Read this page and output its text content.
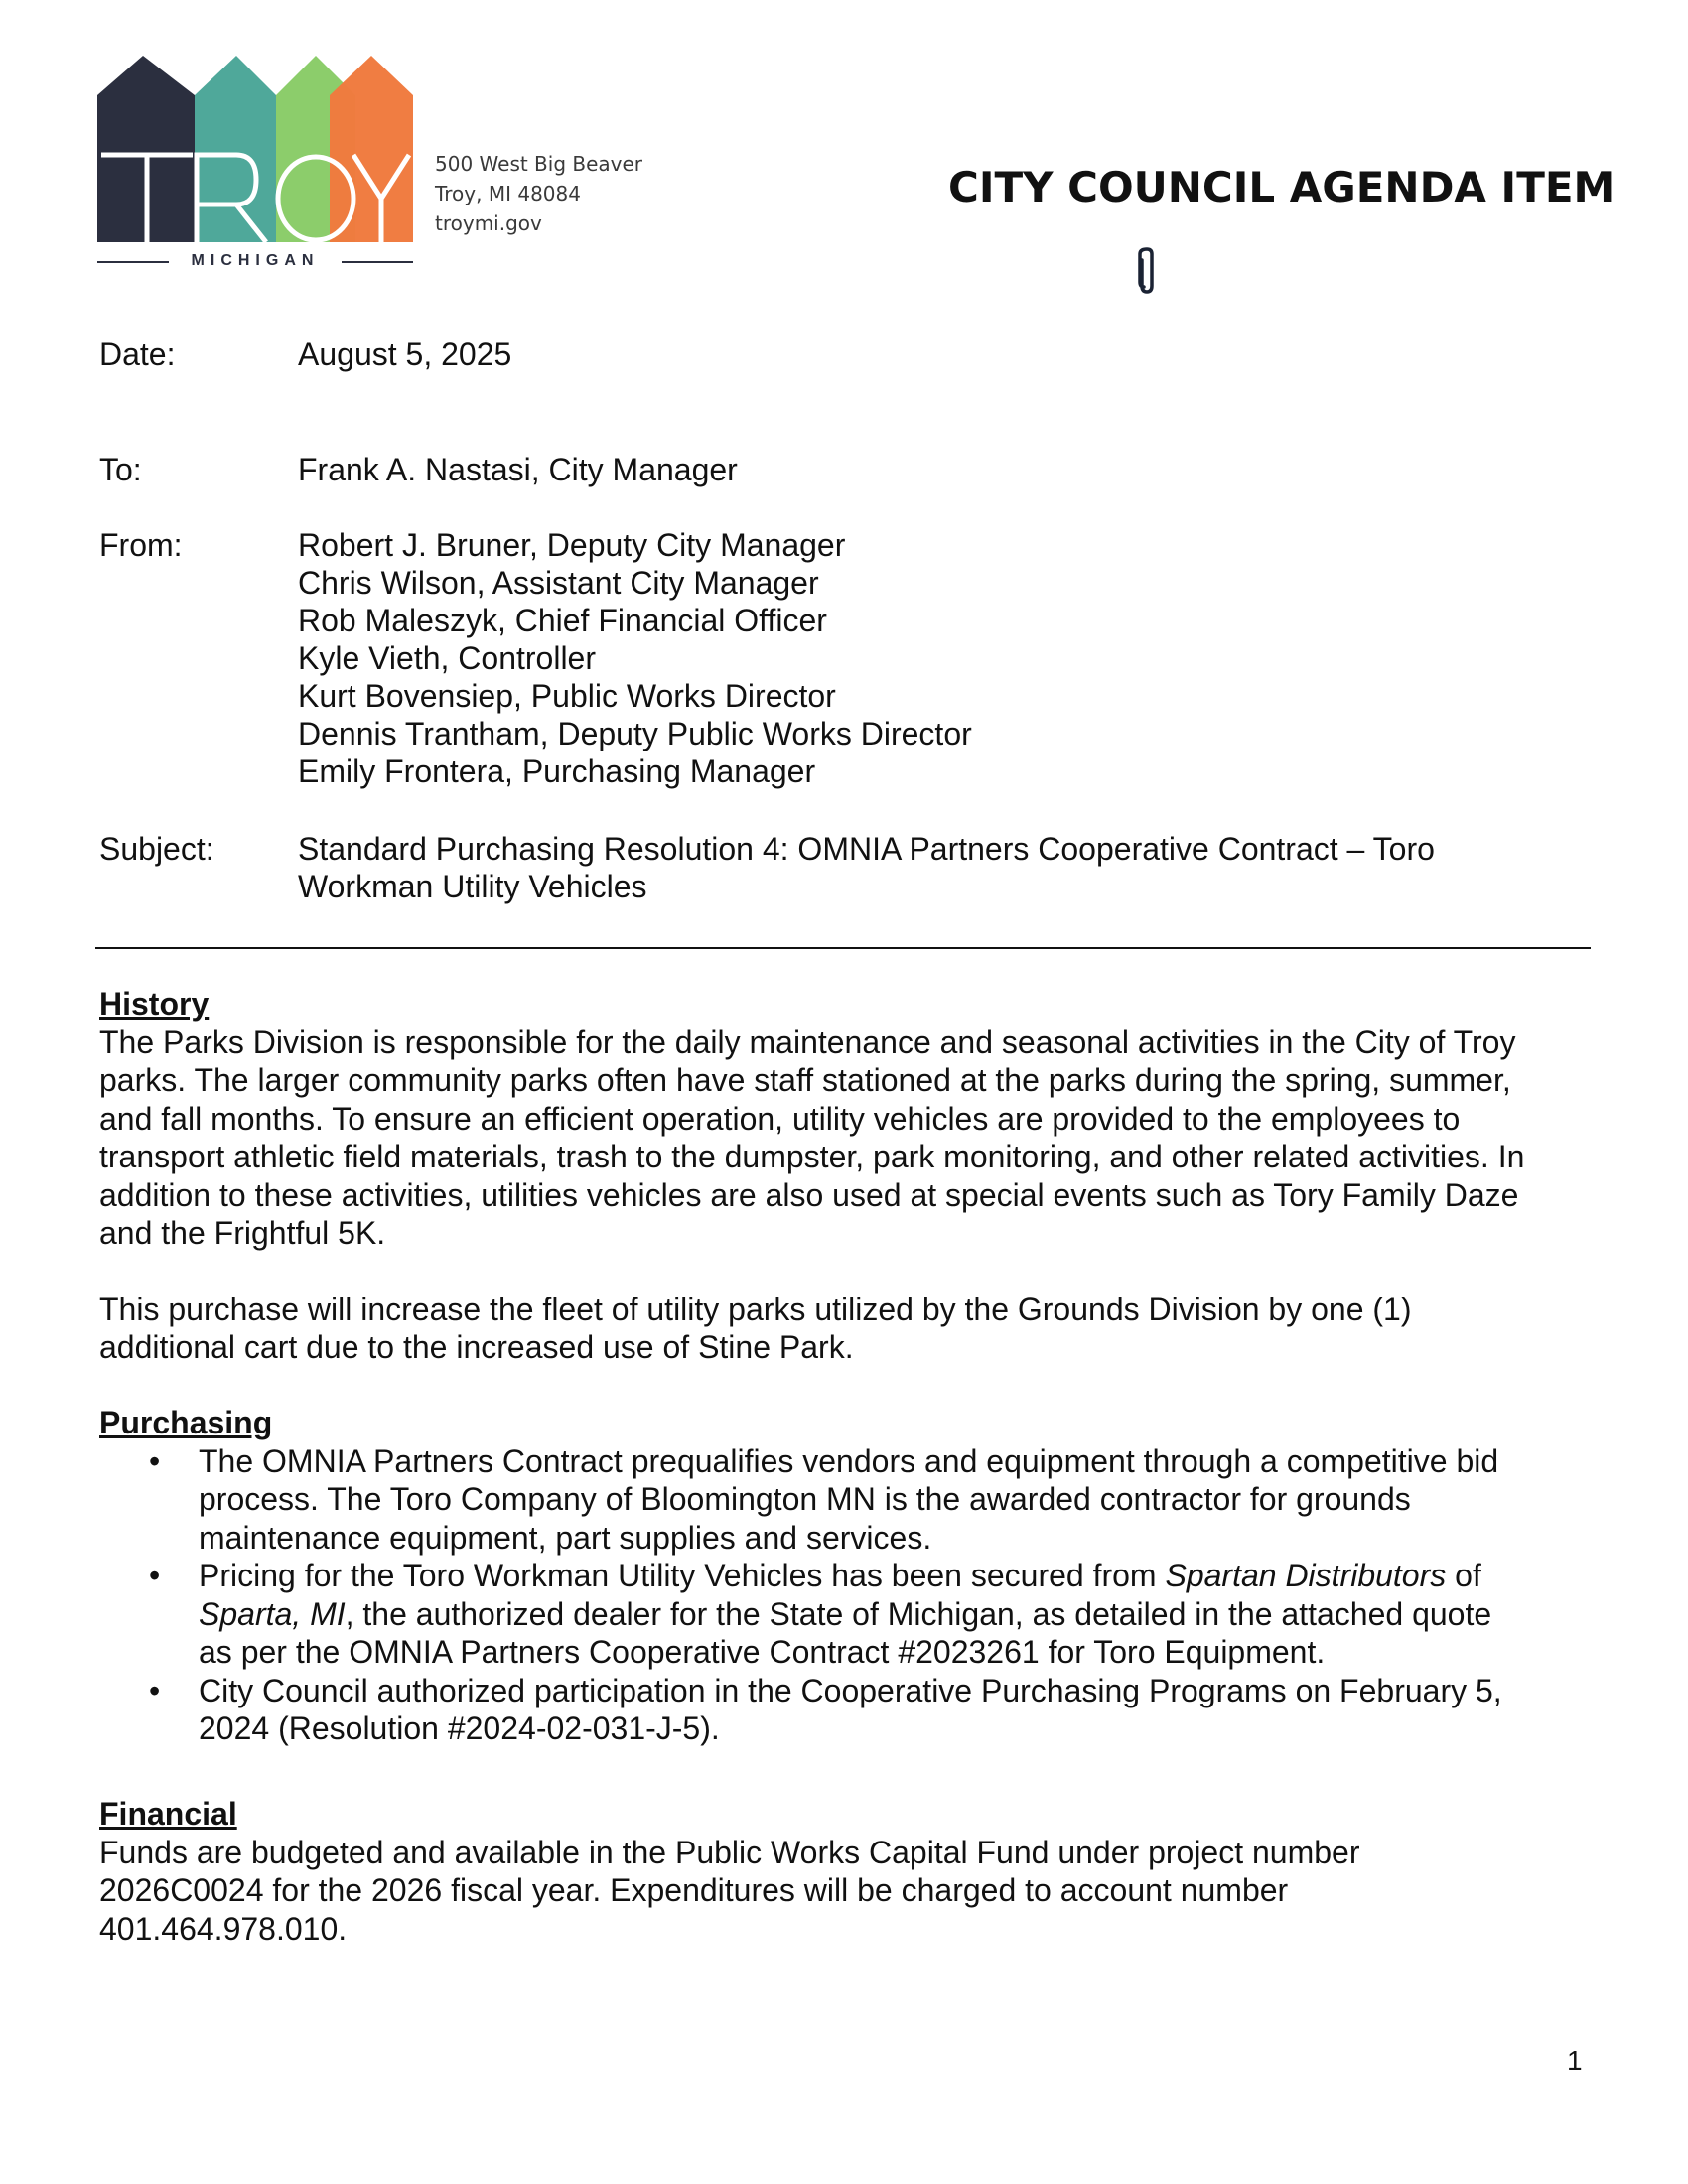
MICHIGAN
500 West Big Beaver
Troy, MI 48084
troymi.gov
CITY COUNCIL AGENDA ITEM
Date:	August 5, 2025
To:	Frank A. Nastasi, City Manager
From:	Robert J. Bruner, Deputy City Manager
Chris Wilson, Assistant City Manager
Rob Maleszyk, Chief Financial Officer
Kyle Vieth, Controller
Kurt Bovensiep, Public Works Director
Dennis Trantham, Deputy Public Works Director
Emily Frontera, Purchasing Manager
Subject:	Standard Purchasing Resolution 4: OMNIA Partners Cooperative Contract – Toro
Workman Utility Vehicles
History

The Parks Division is responsible for the daily maintenance and seasonal activities in the City of Troy
parks. The larger community parks often have staff stationed at the parks during the spring, summer,
and fall months. To ensure an efficient operation, utility vehicles are provided to the employees to
transport athletic field materials, trash to the dumpster, park monitoring, and other related activities. In
addition to these activities, utilities vehicles are also used at special events such as Tory Family Daze
and the Frightful 5K.

This purchase will increase the fleet of utility parks utilized by the Grounds Division by one (1)
additional cart due to the increased use of Stine Park.

Purchasing
• The OMNIA Partners Contract prequalifies vendors and equipment through a competitive bid
process. The Toro Company of Bloomington MN is the awarded contractor for grounds
maintenance equipment, part supplies and services.
• Pricing for the Toro Workman Utility Vehicles has been secured from Spartan Distributors of
Sparta, MI, the authorized dealer for the State of Michigan, as detailed in the attached quote
as per the OMNIA Partners Cooperative Contract #2023261 for Toro Equipment.
• City Council authorized participation in the Cooperative Purchasing Programs on February 5,
2024 (Resolution #2024-02-031-J-5).
Financial

Funds are budgeted and available in the Public Works Capital Fund under project number
2026C0024 for the 2026 fiscal year. Expenditures will be charged to account number
401.464.978.010.

1
